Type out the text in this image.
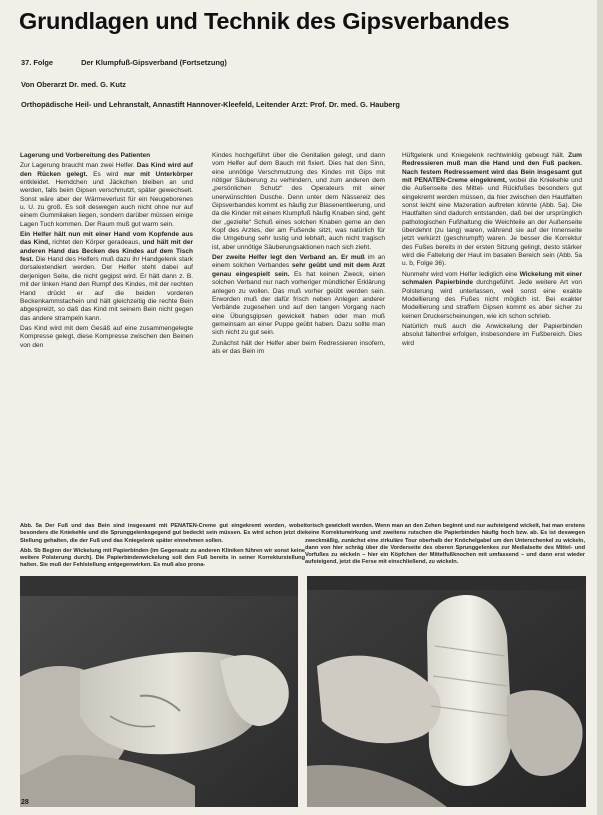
Grundlagen und Technik des Gipsverbandes
37. Folge	Der Klumpfuß-Gipsverband (Fortsetzung)
Von Oberarzt Dr. med. G. Kutz
Orthopädische Heil- und Lehranstalt, Annastift Hannover-Kleefeld, Leitender Arzt: Prof. Dr. med. G. Hauberg

Lagerung und Vorbereitung des Patienten

Zur Lagerung braucht man zwei Helfer. Das Kind wird auf den Rücken gelegt. Es wird nur mit Unterkörper entkleidet. Hemdchen und Jäckchen bleiben an und werden, falls beim Gipsen verschmutzt, später gewechselt. Sonst wäre aber der Wärmeverlust für ein Neugeborenes u. U. zu groß. Es soll deswegen auch nicht ohne nur auf einem Gummilaken liegen, sondern darüber müssen einige Lagen Tuch kommen. Der Raum muß gut warm sein.

Ein Helfer hält nun mit einer Hand vom Kopfende aus das Kind, richtet den Körper geradeaus, und hält mit der anderen Hand das Becken des Kindes auf dem Tisch fest. Die Hand des Helfers muß dazu ihr Handgelenk stark dorsalextendiert werden. Der Helfer steht dabei auf derjenigen Seite, die nicht gegipst wird. Er hält dann z. B. mit der linken Hand den Rumpf des Kindes, mit der rechten Hand drückt er auf die beiden vorderen Beckenkammstachein und hält gleichzeitig die rechte Bein abgespreizt, so daß das Kind mit seinem Bein nicht gegen das andere strampeln kann.

Das Kind wird mit dem Gesäß auf eine zusammengelegte Kompresse gelegt, diese Kompresse zwischen den Beinen von den

Kindes hochgeführt über die Genitalien gelegt, und dann vom Helfer auf dem Bauch mit fixiert. Dies hat den Sinn, eine unnötige Verschmutzung des Kindes mit Gips mit nötiger Säuberung zu verhindern, und zum anderen dem „persönlichen Schutz“ des Operateurs mit einer unerwünschten Dusche. Denn unter dem Nässereiz des Gipsverbandes kommt es häufig zur Blasenentleerung, und da die Kinder mit einem Klumpfuß häufig Knaben sind, geht der „gezielte“ Schuß eines solchen Knaben gerne an den Kopf des Arztes, der am Fußende sitzt, was natürlich für die Umgebung sehr lustig und lebhaft, auch nicht tragisch ist, aber unnötige Säuberungsaktionen nach sich zieht.

Der zweite Helfer legt den Verband an. Er muß im an einem solchen Verbandes sehr geübt und mit dem Arzt genau eingespielt sein. Es hat keinen Zweck, einen solchen Verband nur nach vorheriger mündlicher Erklärung anlegen zu wollen. Das muß vorher geübt werden sein. Erworden muß der dafür frisch neben Anlegen anderer Verbände zugesehen und auf den langen Vorgang nach eine Übungsgipsen gewickelt haben oder man muß gemeinsam an einer Puppe geübt haben. Dazu sollte man sich nicht zu gut sein.

Zunächst hält der Helfer aber beim Redressieren insofern, als er das Bein im

Hüftgelenk und Kniegelenk rechtwinklig gebeugt hält. Zum Redressieren muß man die Hand und den Fuß packen. Nach festem Redressement wird das Bein insgesamt gut mit PENATEN-Creme eingekremt, wobei die Kniekehle und die Außenseite des Mittel- und Rückfußes besonders gut eingekremt werden müssen, da hier zwischen den Hautfalten sonst leicht eine Mazeration auftreten könnte (Abb. 5a). Die Hautfalten sind dadurch entstanden, daß bei der ursprünglich pathologischen Fußhaltung die Weichteile an der Außenseite überdehnt (zu lang) waren, während sie auf der Innenseite jetzt verkürzt (geschrumpft) waren. Je besser die Korrektur des Fußes bereits in der ersten Sitzung gelingt, desto stärker wird die Faltelung der Haut im basalen Bereich sein (Abb. 5a u. b, Folge 36).

Nunmehr wird vom Helfer lediglich eine Wickelung mit einer schmalen Papierbinde durchgeführt. Jede weitere Art von Polsterung wird unterlassen, weil sonst eine exakte Modellierung des Fußes nicht möglich ist. Bei exakter Modellierung und straffem Gipsen kommt es aber sicher zu keinen Druckerscheinungen, wie ich schon schrieb.

Natürlich muß auch die Anwickelung der Papierbinden absolut faltenfrei erfolgen, insbesondere im Fußbereich. Dies wird

Abb. 5a Der Fuß und das Bein sind insgesamt mit PENATEN-Creme gut eingekremt worden, wobei besonders die Kniekehle und die Sprunggelenksgegend gut bedeckt sein müssen. Es wird schon jetzt die Stellung gehalten, die der Fuß und das Kniegelenk später einnehmen sollen.

Abb. 5b Beginn der Wickelung mit Papierbinden (im Gegensatz zu anderen Kliniken führen wir sonst keine weitere Polsterung durch). Die Papierbindenwickelung soll den Fuß bereits in seiner Korrekturstellung halten. Sie muß der Fehlstellung entgegenwirken. Es muß also prona-

torisch gewickelt werden. Wenn man an den Zehen beginnt und nur aufsteigend wickelt, hat man erstens keine Korrekturwirkung und zweitens rutschen die Papierbinden häufig hoch bzw. ab. Es ist deswegen zweckmäßig, zunächst eine zirkuläre Tour oberhalb der Knöchelgabel um den Unterschenkel zu wickeln, dann von hier schräg über die Vorderseite des oberen Sprunggelenkes zur Medialseite des Mittel- und Vorfußes zu wickeln – hier ein Köpfchen der Mittelfußknochen mit umfassend – und dann erst wieder aufsteigend, jetzt die Ferse mit einschließend, zu wickeln.

28
